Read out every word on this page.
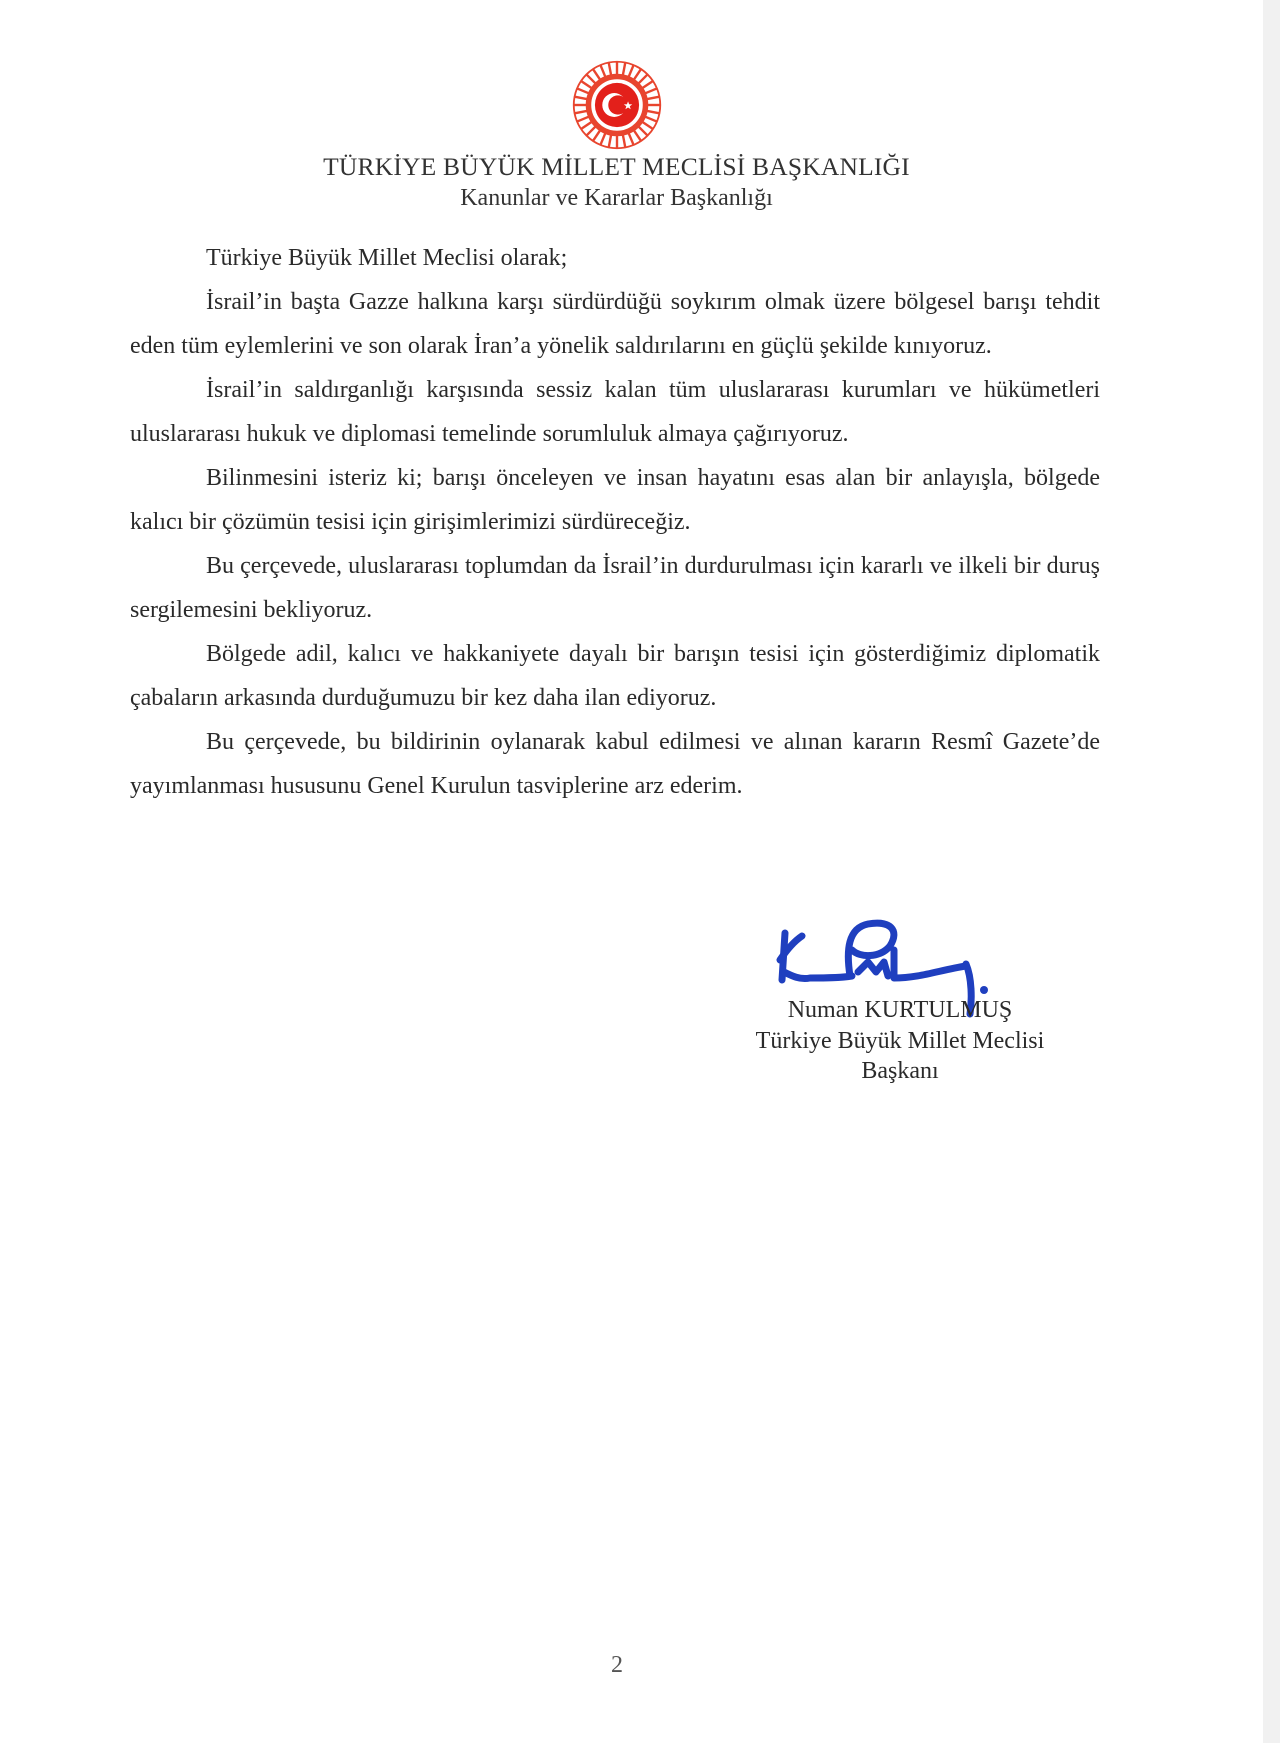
TÜRKİYE BÜYÜK MİLLET MECLİSİ BAŞKANLIĞI
Kanunlar ve Kararlar Başkanlığı

Türkiye Büyük Millet Meclisi olarak;

İsrail’in başta Gazze halkına karşı sürdürdüğü soykırım olmak üzere bölgesel barışı tehdit eden tüm eylemlerini ve son olarak İran’a yönelik saldırılarını en güçlü şekilde kınıyoruz.

İsrail’in saldırganlığı karşısında sessiz kalan tüm uluslararası kurumları ve hükümetleri uluslararası hukuk ve diplomasi temelinde sorumluluk almaya çağırıyoruz.

Bilinmesini isteriz ki; barışı önceleyen ve insan hayatını esas alan bir anlayışla, bölgede kalıcı bir çözümün tesisi için girişimlerimizi sürdüreceğiz.

Bu çerçevede, uluslararası toplumdan da İsrail’in durdurulması için kararlı ve ilkeli bir duruş sergilemesini bekliyoruz.

Bölgede adil, kalıcı ve hakkaniyete dayalı bir barışın tesisi için gösterdiğimiz diplomatik çabaların arkasında durduğumuzu bir kez daha ilan ediyoruz.

Bu çerçevede, bu bildirinin oylanarak kabul edilmesi ve alınan kararın Resmî Gazete’de yayımlanması hususunu Genel Kurulun tasviplerine arz ederim.

Numan KURTULMUŞ
Türkiye Büyük Millet Meclisi
Başkanı
2
